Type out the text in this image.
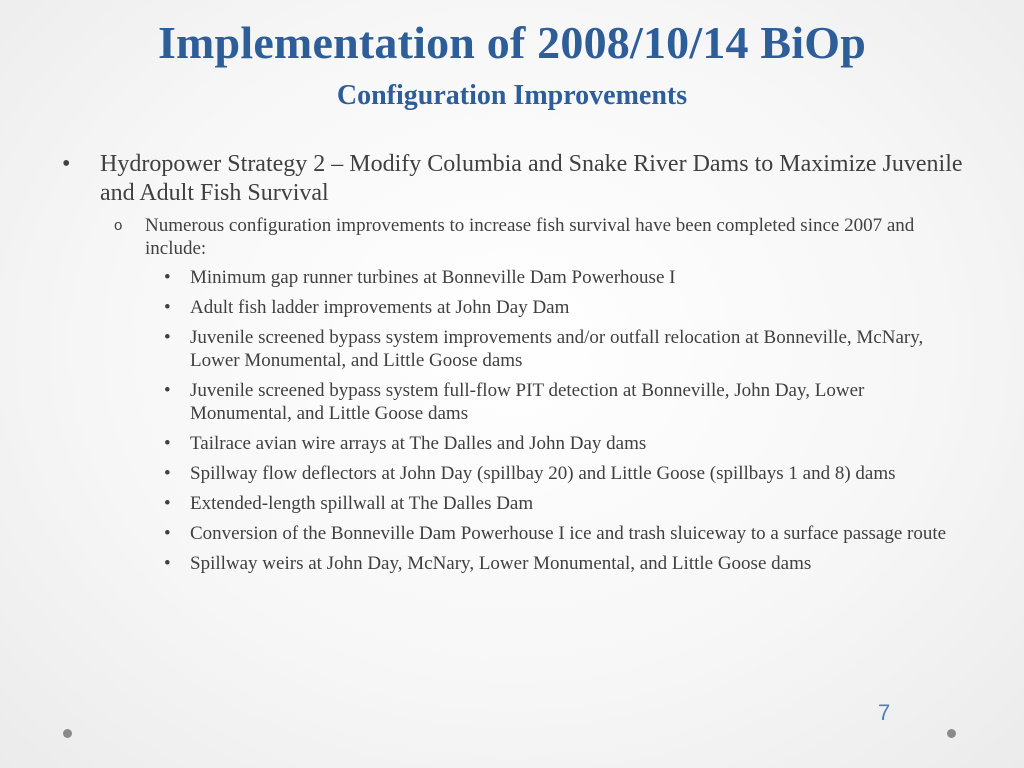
Implementation of 2008/10/14 BiOp
Configuration Improvements
• Hydropower Strategy 2 – Modify Columbia and Snake River Dams to Maximize Juvenile and Adult Fish Survival
o Numerous configuration improvements to increase fish survival have been completed since 2007 and include:
• Minimum gap runner turbines at Bonneville Dam Powerhouse I
• Adult fish ladder improvements at John Day Dam
• Juvenile screened bypass system improvements and/or outfall relocation at Bonneville, McNary, Lower Monumental, and Little Goose dams
• Juvenile screened bypass system full-flow PIT detection at Bonneville, John Day, Lower Monumental, and Little Goose dams
• Tailrace avian wire arrays at The Dalles and John Day dams
• Spillway flow deflectors at John Day (spillbay 20) and Little Goose (spillbays 1 and 8) dams
• Extended-length spillwall at The Dalles Dam
• Conversion of the Bonneville Dam Powerhouse I ice and trash sluiceway to a surface passage route
• Spillway weirs at John Day, McNary, Lower Monumental, and Little Goose dams
7
